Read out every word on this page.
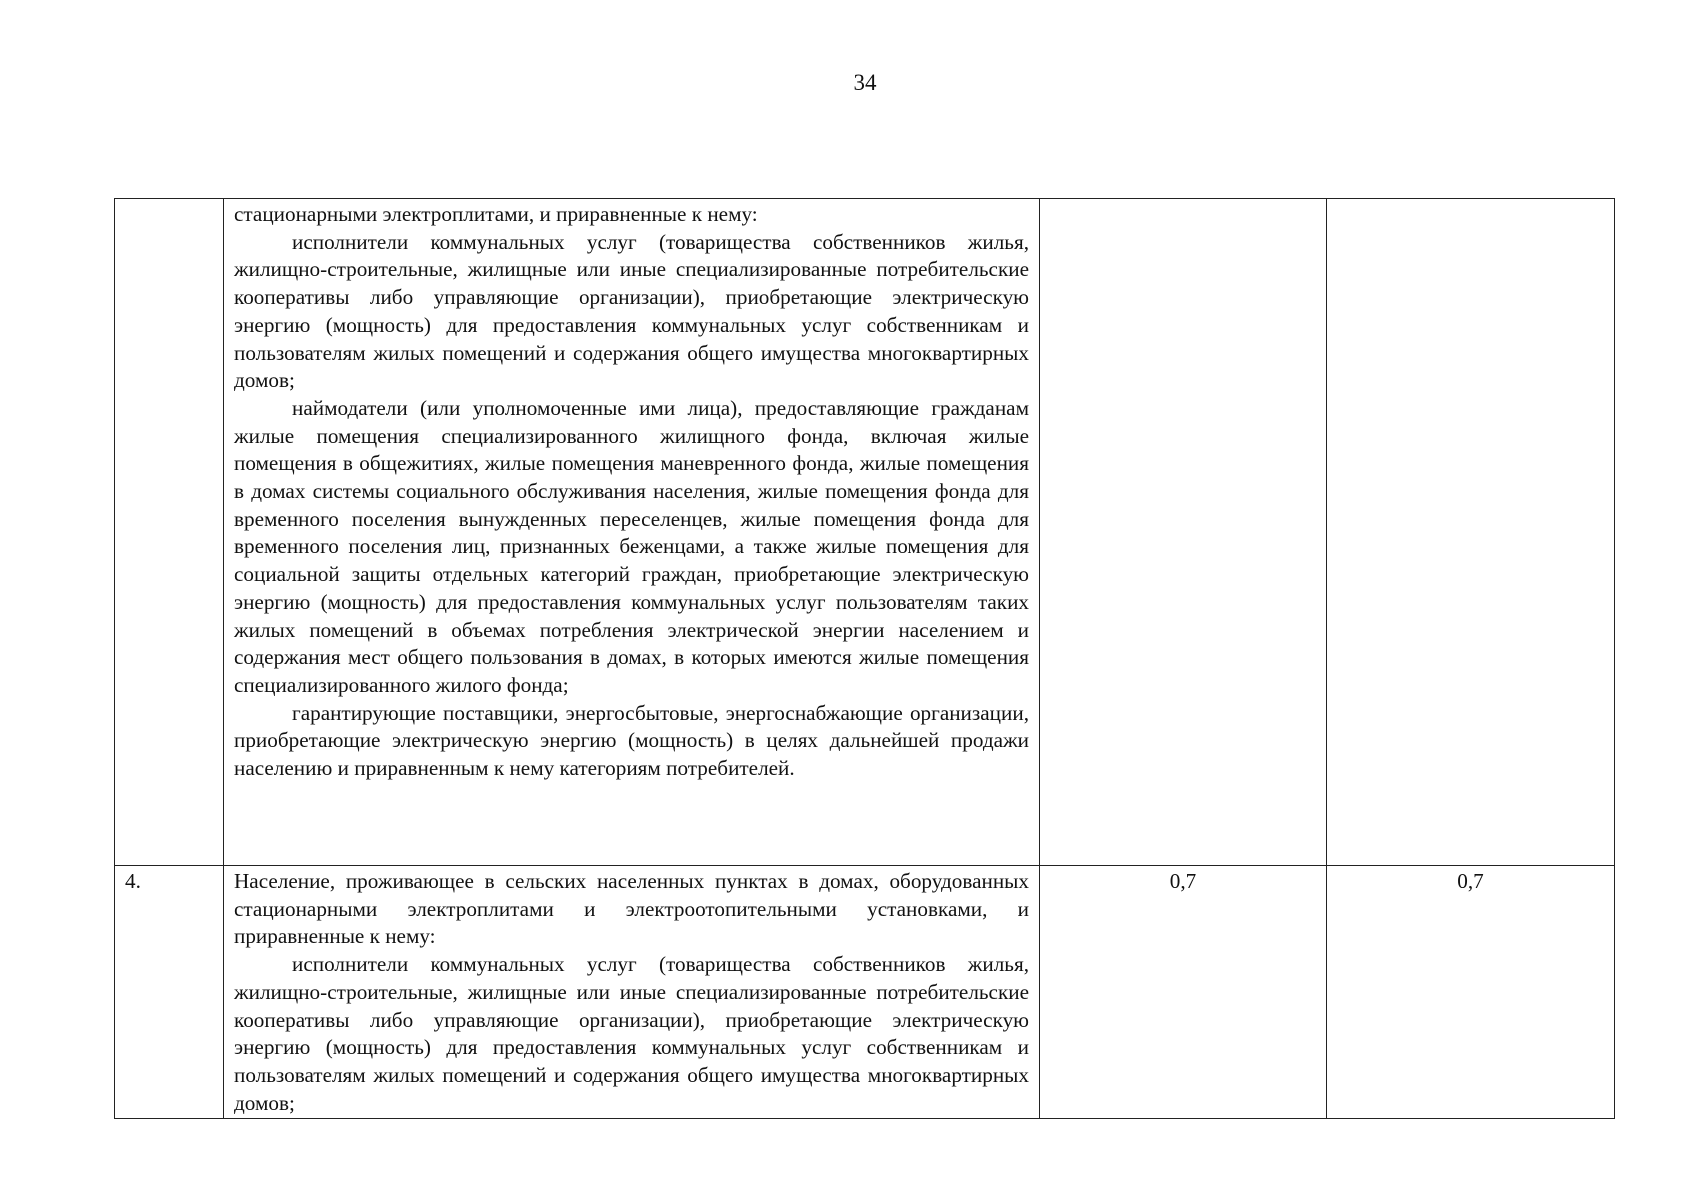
34

	стационарными электроплитами, и приравненные к нему:

исполнители коммунальных услуг (товарищества собственников жилья, жилищно-строительные, жилищные или иные специализированные потребительские кооперативы либо управляющие организации), приобретающие электрическую энергию (мощность) для предоставления коммунальных услуг собственникам и пользователям жилых помещений и содержания общего имущества многоквартирных домов;

наймодатели (или уполномоченные ими лица), предоставляющие гражданам жилые помещения специализированного жилищного фонда, включая жилые помещения в общежитиях, жилые помещения маневренного фонда, жилые помещения в домах системы социального обслуживания населения, жилые помещения фонда для временного поселения вынужденных переселенцев, жилые помещения фонда для временного поселения лиц, признанных беженцами, а также жилые помещения для социальной защиты отдельных категорий граждан, приобретающие электрическую энергию (мощность) для предоставления коммунальных услуг пользователям таких жилых помещений в объемах потребления электрической энергии населением и содержания мест общего пользования в домах, в которых имеются жилые помещения специализированного жилого фонда;

гарантирующие поставщики, энергосбытовые, энергоснабжающие организации, приобретающие электрическую энергию (мощность) в целях дальнейшей продажи населению и приравненным к нему категориям потребителей.		

4.	Население, проживающее в сельских населенных пунктах в домах, оборудованных стационарными электроплитами и электроотопительными установками, и приравненные к нему:

исполнители коммунальных услуг (товарищества собственников жилья, жилищно-строительные, жилищные или иные специализированные потребительские кооперативы либо управляющие организации), приобретающие электрическую энергию (мощность) для предоставления коммунальных услуг собственникам и пользователям жилых помещений и содержания общего имущества многоквартирных домов;	0,7	0,7
